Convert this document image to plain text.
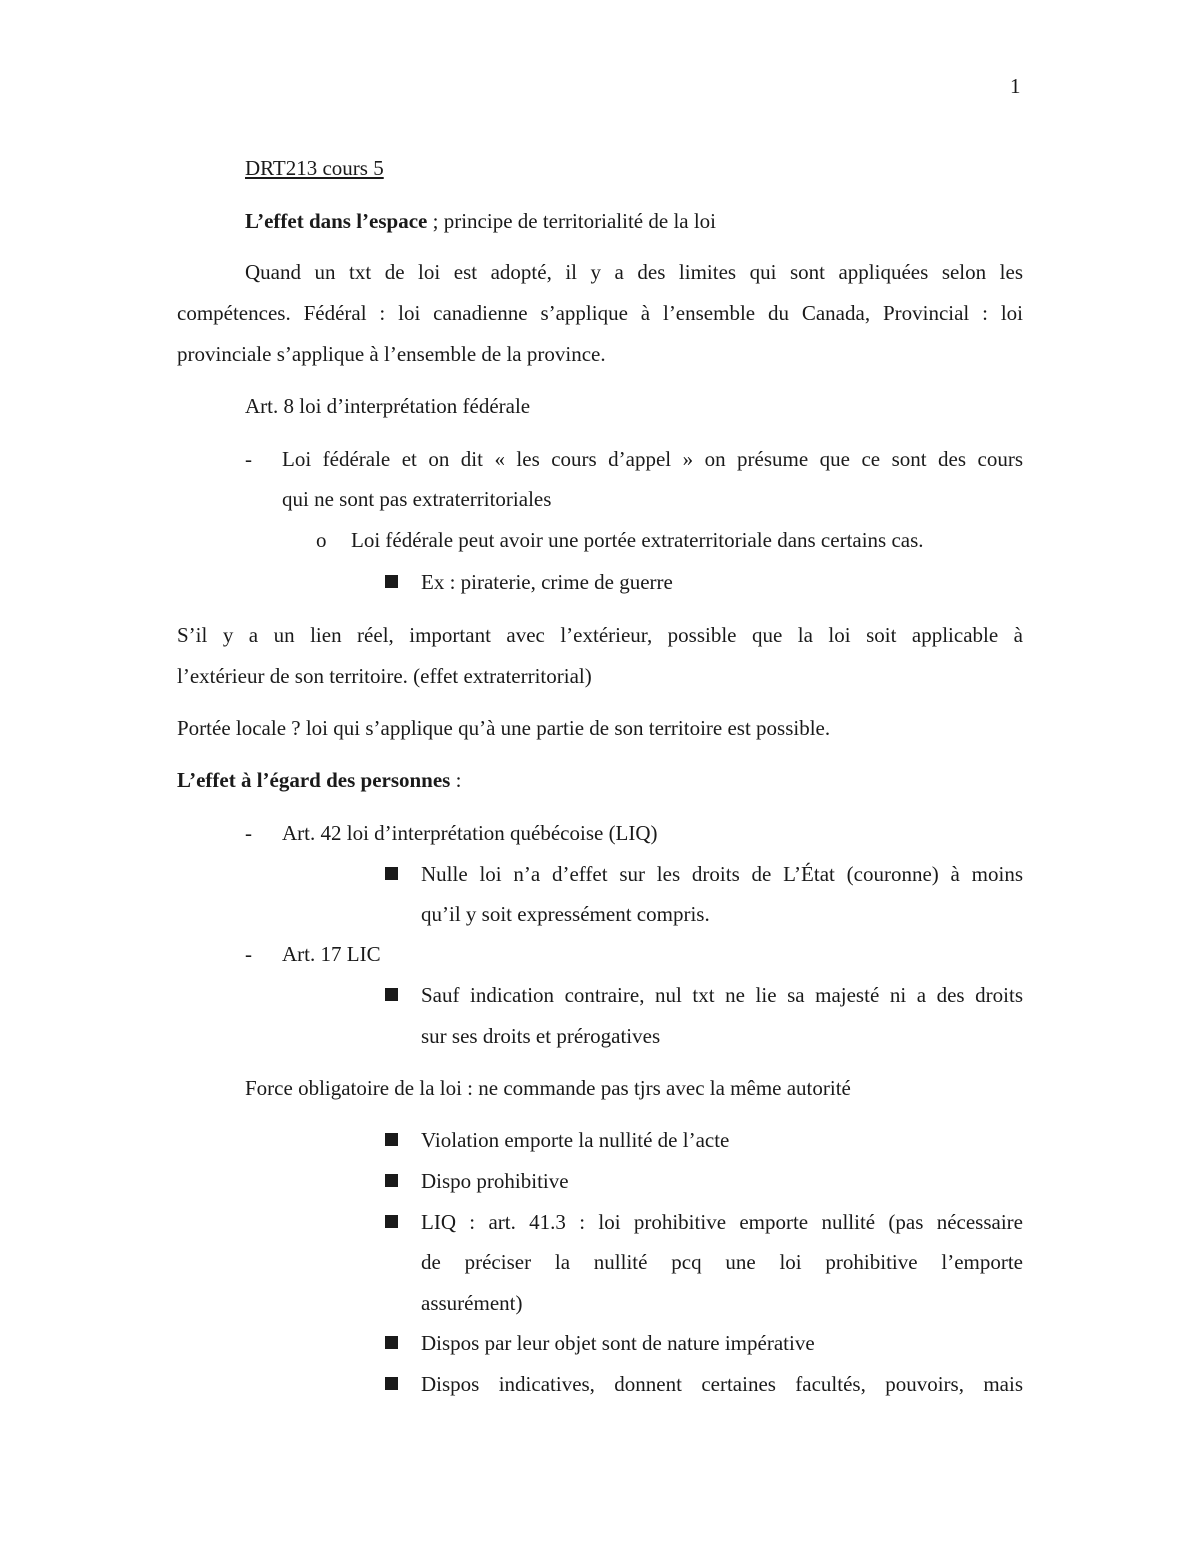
1
DRT213 cours 5
L’effet dans l’espace ; principe de territorialité de la loi
Quand un txt de loi est adopté, il y a des limites qui sont appliquées selon les
compétences. Fédéral : loi canadienne s’applique à l’ensemble du Canada, Provincial : loi
provinciale s’applique à l’ensemble de la province.
Art. 8 loi d’interprétation fédérale
- Loi fédérale et on dit « les cours d’appel » on présume que ce sont des cours
qui ne sont pas extraterritoriales
o Loi fédérale peut avoir une portée extraterritoriale dans certains cas.
Ex : piraterie, crime de guerre
S’il y a un lien réel, important avec l’extérieur, possible que la loi soit applicable à
l’extérieur de son territoire. (effet extraterritorial)
Portée locale ? loi qui s’applique qu’à une partie de son territoire est possible.
L’effet à l’égard des personnes :
- Art. 42 loi d’interprétation québécoise (LIQ)
Nulle loi n’a d’effet sur les droits de L’État (couronne) à moins
qu’il y soit expressément compris.
- Art. 17 LIC
Sauf indication contraire, nul txt ne lie sa majesté ni a des droits
sur ses droits et prérogatives
Force obligatoire de la loi : ne commande pas tjrs avec la même autorité
Violation emporte la nullité de l’acte
Dispo prohibitive
LIQ : art. 41.3 : loi prohibitive emporte nullité (pas nécessaire
de préciser la nullité pcq une loi prohibitive l’emporte
assurément)
Dispos par leur objet sont de nature impérative
Dispos indicatives, donnent certaines facultés, pouvoirs, mais
